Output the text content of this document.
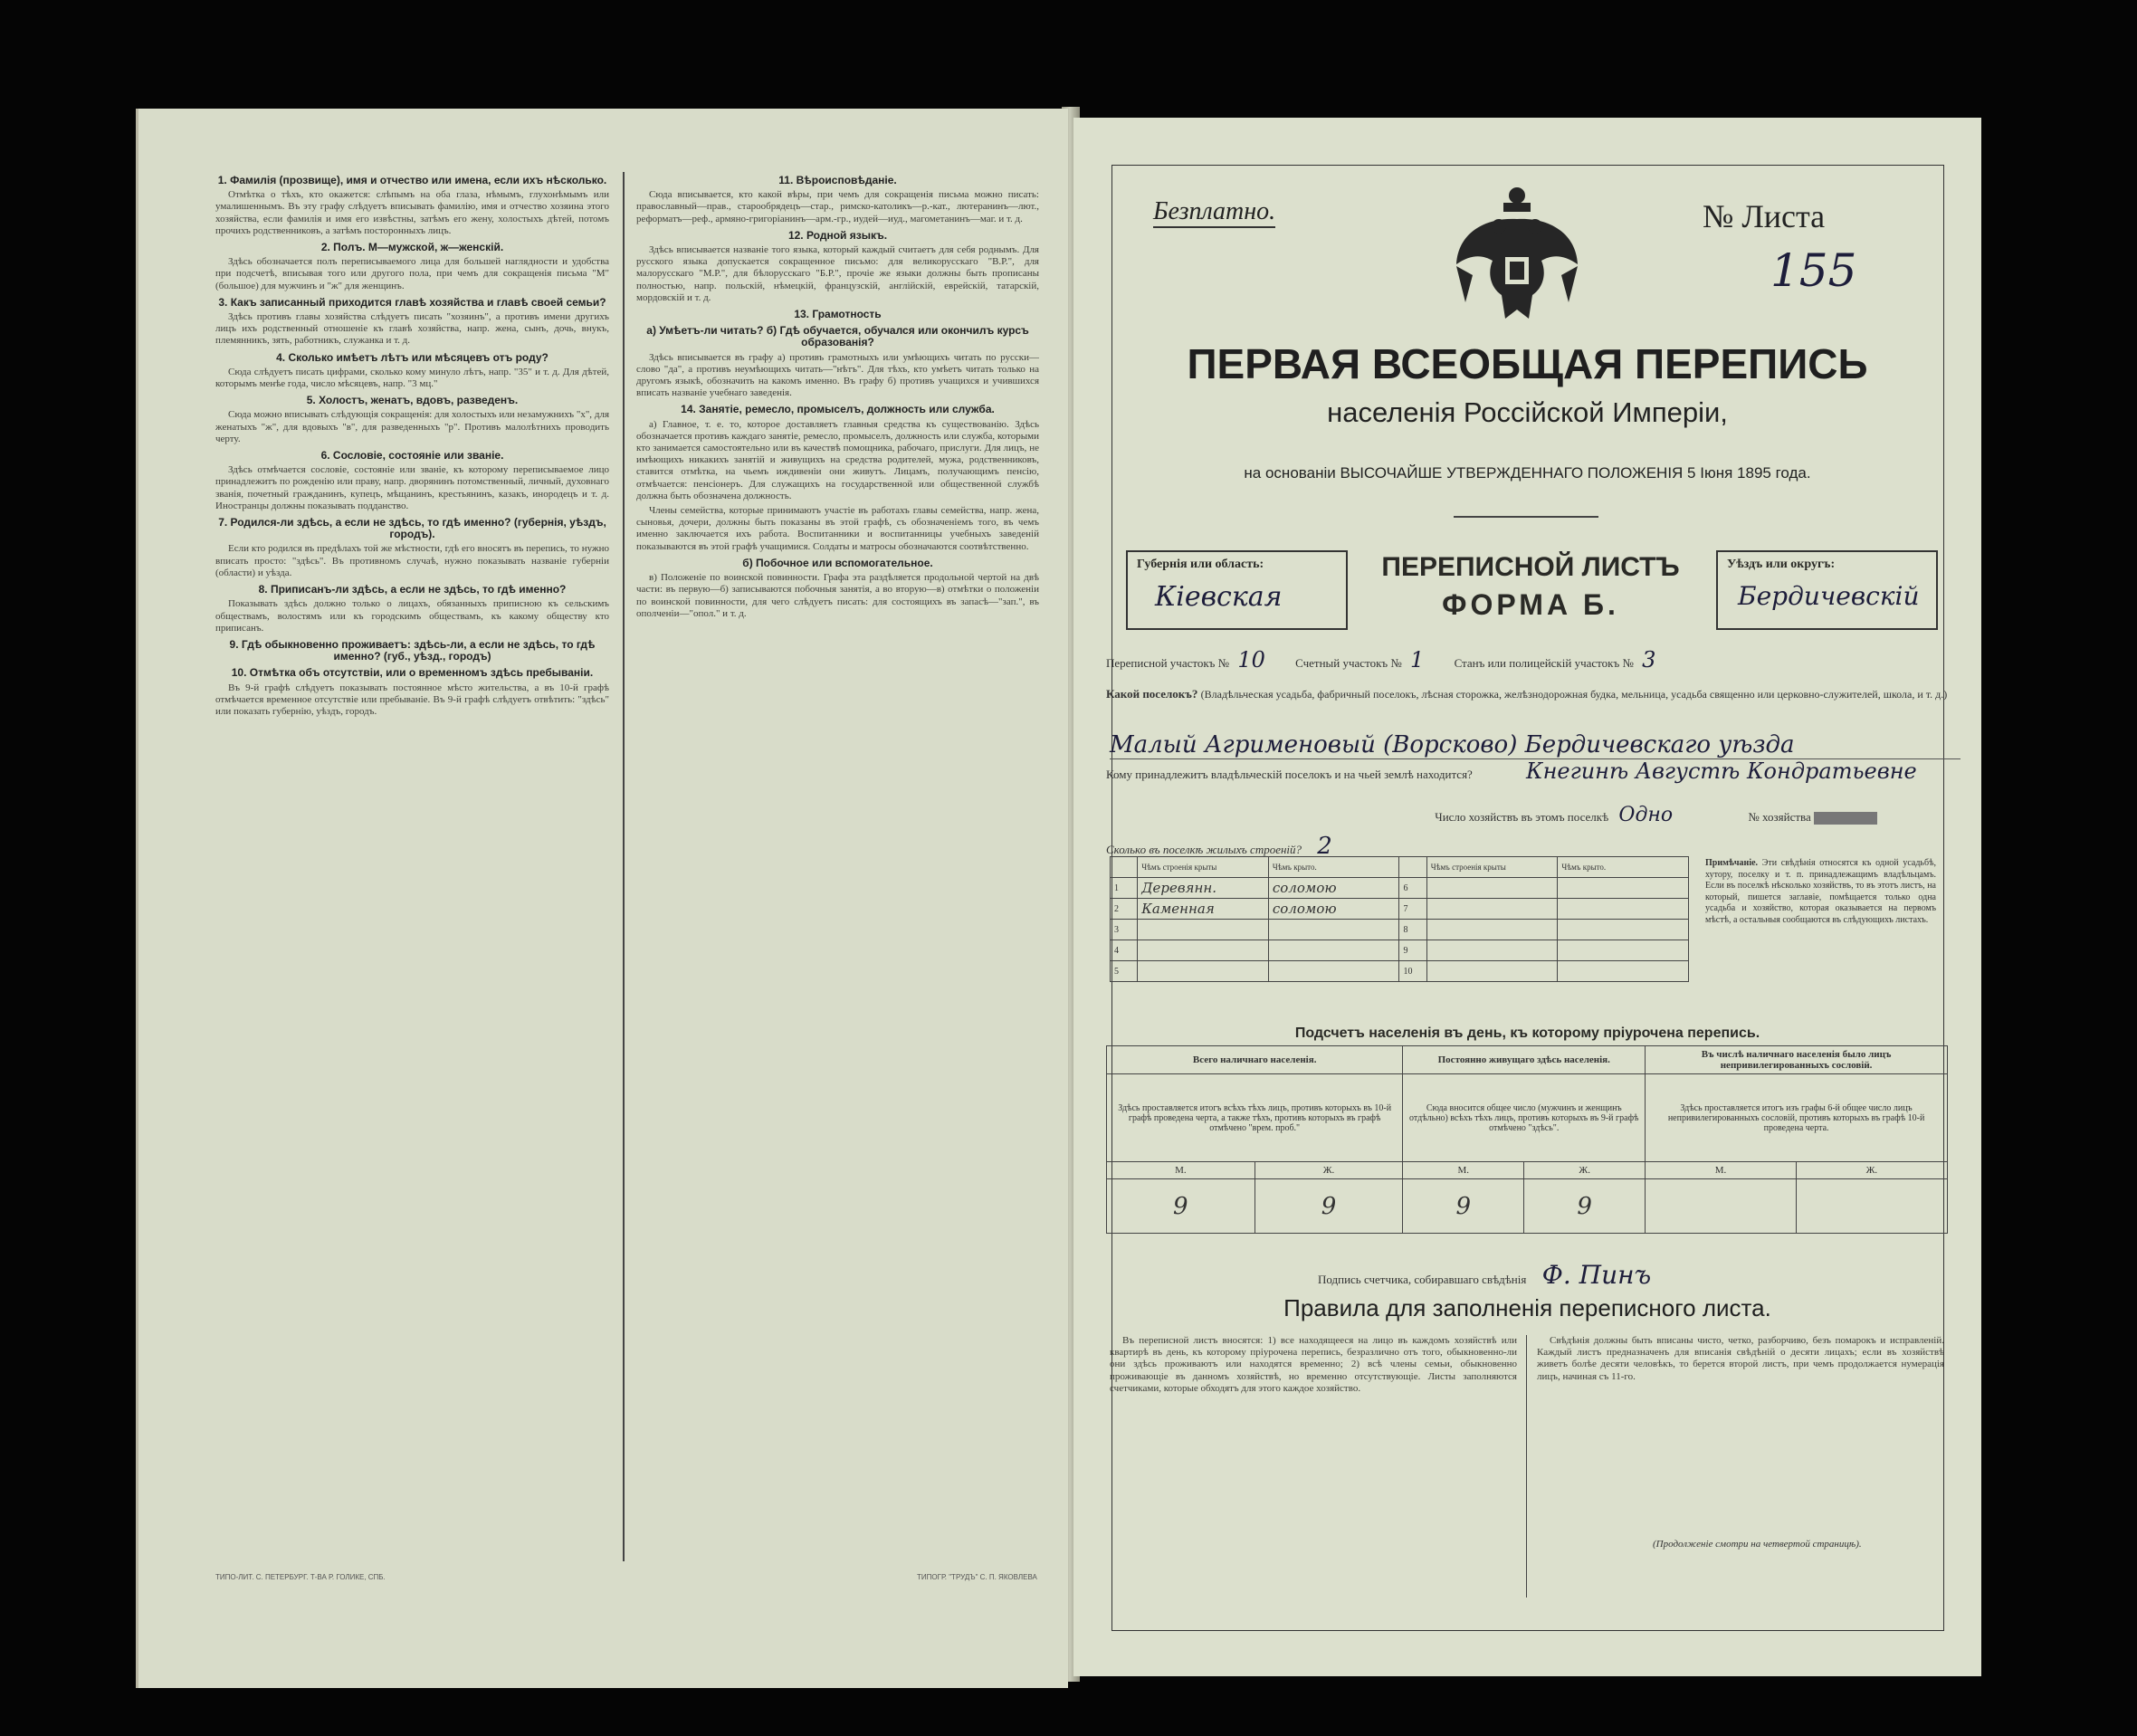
1. Фамилія (прозвище), имя и отчество или имена, если ихъ нѣсколько.

Отмѣтка о тѣхъ, кто окажется: слѣпымъ на оба глаза, нѣмымъ, глухонѣмымъ или умалишеннымъ. Въ эту графу слѣдуетъ вписывать фамилію, имя и отчество хозяина этого хозяйства, если фамилія и имя его извѣстны, затѣмъ его жену, холостыхъ дѣтей, потомъ прочихъ родственниковъ, а затѣмъ посторонныхъ лицъ.

2. Полъ. М—мужской, ж—женскій.

Здѣсь обозначается полъ переписываемого лица для большей наглядности и удобства при подсчетѣ, вписывая того или другого пола, при чемъ для сокращенія письма "М" (большое) для мужчинъ и "ж" для женщинъ.

3. Какъ записанный приходится главѣ хозяйства и главѣ своей семьи?

Здѣсь противъ главы хозяйства слѣдуетъ писать "хозяинъ", а противъ имени другихъ лицъ ихъ родственный отношеніе къ главѣ хозяйства, напр. жена, сынъ, дочь, внукъ, племянникъ, зять, работникъ, служанка и т. д.

4. Сколько имѣетъ лѣтъ или мѣсяцевъ отъ роду?

Сюда слѣдуетъ писать цифрами, сколько кому минуло лѣтъ, напр. "35" и т. д. Для дѣтей, которымъ менѣе года, число мѣсяцевъ, напр. "3 мц."

5. Холостъ, женатъ, вдовъ, разведенъ.

Сюда можно вписывать слѣдующія сокращенія: для холостыхъ или незамужнихъ "х", для женатыхъ "ж", для вдовыхъ "в", для разведенныхъ "р". Противъ малолѣтнихъ проводить черту.

6. Сословіе, состояніе или званіе.

Здѣсь отмѣчается сословіе, состояніе или званіе, къ которому переписываемое лицо принадлежитъ по рожденію или праву, напр. дворянинъ потомственный, личный, духовнаго званія, почетный гражданинъ, купецъ, мѣщанинъ, крестьянинъ, казакъ, инородецъ и т. д. Иностранцы должны показывать подданство.

7. Родился-ли здѣсь, а если не здѣсь, то гдѣ именно? (губернія, уѣздъ, городъ).

Если кто родился въ предѣлахъ той же мѣстности, гдѣ его вносятъ въ перепись, то нужно вписать просто: "здѣсь". Въ противномъ случаѣ, нужно показывать названіе губерніи (области) и уѣзда.

8. Приписанъ-ли здѣсь, а если не здѣсь, то гдѣ именно?

Показывать здѣсь должно только о лицахъ, обязанныхъ приписною къ сельскимъ обществамъ, волостямъ или къ городскимъ обществамъ, къ какому обществу кто приписанъ.

9. Гдѣ обыкновенно проживаетъ: здѣсь-ли, а если не здѣсь, то гдѣ именно? (губ., уѣзд., городъ)
10. Отмѣтка объ отсутствіи, или о временномъ здѣсь пребываніи.

Въ 9-й графѣ слѣдуетъ показывать постоянное мѣсто жительства, а въ 10-й графѣ отмѣчается временное отсутствіе или пребываніе. Въ 9-й графѣ слѣдуетъ отвѣтить: "здѣсь" или показать губернію, уѣздъ, городъ.

11. Вѣроисповѣданіе.

Сюда вписывается, кто какой вѣры, при чемъ для сокращенія письма можно писать: православный—прав., старообрядецъ—стар., римско-католикъ—р.-кат., лютеранинъ—лют., реформатъ—реф., армяно-григоріанинъ—арм.-гр., иудей—иуд., магометанинъ—маг. и т. д.

12. Родной языкъ.

Здѣсь вписывается названіе того языка, который каждый считаетъ для себя роднымъ. Для русского языка допускается сокращенное письмо: для великорусскаго "В.Р.", для малорусскаго "М.Р.", для бѣлорусскаго "Б.Р.", прочіе же языки должны быть прописаны полностью, напр. польскій, нѣмецкій, французскій, англійскій, еврейскій, татарскій, мордовскій и т. д.

13. Грамотность
а) Умѣетъ-ли читать? б) Гдѣ обучается, обучался или окончилъ курсъ образованія?

Здѣсь вписывается въ графу а) противъ грамотныхъ или умѣющихъ читать по русски—слово "да", а противъ неумѣющихъ читать—"нѣтъ". Для тѣхъ, кто умѣетъ читать только на другомъ языкѣ, обозначить на какомъ именно. Въ графу б) противъ учащихся и учившихся вписать названіе учебнаго заведенія.

14. Занятіе, ремесло, промыселъ, должность или служба.

а) Главное, т. е. то, которое доставляетъ главныя средства къ существованію. Здѣсь обозначается противъ каждаго занятіе, ремесло, промыселъ, должность или служба, которыми кто занимается самостоятельно или въ качествѣ помощника, рабочаго, прислуги. Для лицъ, не имѣющихъ никакихъ занятій и живущихъ на средства родителей, мужа, родственниковъ, ставится отмѣтка, на чьемъ иждивеніи они живутъ. Лицамъ, получающимъ пенсію, отмѣчается: пенсіонеръ. Для служащихъ на государственной или общественной службѣ должна быть обозначена должность.

Члены семейства, которые принимаютъ участіе въ работахъ главы семейства, напр. жена, сыновья, дочери, должны быть показаны въ этой графѣ, съ обозначеніемъ того, въ чемъ именно заключается ихъ работа. Воспитанники и воспитанницы учебныхъ заведеній показываются въ этой графѣ учащимися. Солдаты и матросы обозначаются соотвѣтственно.

б) Побочное или вспомогательное.

в) Положеніе по воинской повинности. Графа эта раздѣляется продольной чертой на двѣ части: въ первую—б) записываются побочныя занятія, а во вторую—в) отмѣтки о положеніи по воинской повинности, для чего слѣдуетъ писать: для состоящихъ въ запасѣ—"зап.", въ ополченіи—"опол." и т. д.

ТИПО-ЛИТ. С. ПЕТЕРБУРГ. Т-ВА Р. ГОЛИКЕ, СПБ.	ТИПОГР. "ТРУДЪ" С. П. ЯКОВЛЕВА
Безплатно.	№ Листа
155
ПЕРВАЯ ВСЕОБЩАЯ ПЕРЕПИСЬ
населенія Россійской Имперіи,
на основаніи ВЫСОЧАЙШЕ УТВЕРЖДЕННАГО ПОЛОЖЕНІЯ 5 Іюня 1895 года.
Губернія или область:
Кіевская
ПЕРЕПИСНОЙ ЛИСТЪ
ФОРМА Б.
Уѣздъ или округъ:
Бердичевскій
Переписной участокъ № 10	Счетный участокъ № 1	Станъ или полицейскій участокъ № 3
Какой поселокъ? (Владѣльческая усадьба, фабричный поселокъ, лѣсная сторожка, желѣзнодорожная будка, мельница, усадьба священно или церковно-служителей, школа, и т. д.)
Малый Агрименовый (Ворсково) Бердичевскаго уѣзда
Кому принадлежитъ владѣльческій поселокъ и на чьей землѣ находится?	Кнегинѣ Августѣ Кондратьевне
Число хозяйствъ въ этомъ поселкѣ Одно	№ хозяйства
Сколько въ поселкѣ жилыхъ строеній? 2
	Чѣмъ строенія крыты	Чѣмъ крыто.		Чѣмъ строенія крыты	Чѣмъ крыто.
1	Деревянн.	соломою	6		
2	Каменная	соломою	7		
3			8		
4			9		
5			10		
Примѣчаніе. Эти свѣдѣнія относятся къ одной усадьбѣ, хутору, поселку и т. п. принадлежащимъ владѣльцамъ. Если въ поселкѣ нѣсколько хозяйствъ, то въ этотъ листъ, на который, пишется заглавіе, помѣщается только одна усадьба и хозяйство, которая оказывается на первомъ мѣстѣ, а остальныя сообщаются въ слѣдующихъ листахъ.
Подсчетъ населенія въ день, къ которому пріурочена перепись.
Всего наличнаго населенія.		Постоянно живущаго здѣсь населенія.		Въ числѣ наличнаго населенія было лицъ непривилегированныхъ сословій.	
Здѣсь проставляется итогъ всѣхъ тѣхъ лицъ, противъ которыхъ въ 10-й графѣ проведена черта, а также тѣхъ, противъ которыхъ въ графѣ отмѣчено "врем. проб."		Сюда вносится общее число (мужчинъ и женщинъ отдѣльно) всѣхъ тѣхъ лицъ, противъ которыхъ въ 9-й графѣ отмѣчено "здѣсь".		Здѣсь проставляется итогъ изъ графы 6-й общее число лицъ непривилегированныхъ сословій, противъ которыхъ въ графѣ 10-й проведена черта.	
М.	Ж.	М.	Ж.	М.	Ж.
9	9	9	9		
Подпись счетчика, собиравшаго свѣдѣнія Ф. Пинъ
Правила для заполненія переписного листа.

Въ переписной листъ вносятся: 1) все находящееся на лицо въ каждомъ хозяйствѣ или квартирѣ въ день, къ которому пріурочена перепись, безразлично отъ того, обыкновенно-ли они здѣсь проживаютъ или находятся временно; 2) всѣ члены семьи, обыкновенно проживающіе въ данномъ хозяйствѣ, но временно отсутствующіе. Листы заполняются счетчиками, которые обходятъ для этого каждое хозяйство.

Свѣдѣнія должны быть вписаны чисто, четко, разборчиво, безъ помарокъ и исправленій. Каждый листъ предназначенъ для вписанія свѣдѣній о десяти лицахъ; если въ хозяйствѣ живетъ болѣе десяти человѣкъ, то берется второй листъ, при чемъ продолжается нумерація лицъ, начиная съ 11-го.

(Продолженіе смотри на четвертой страницѣ).
